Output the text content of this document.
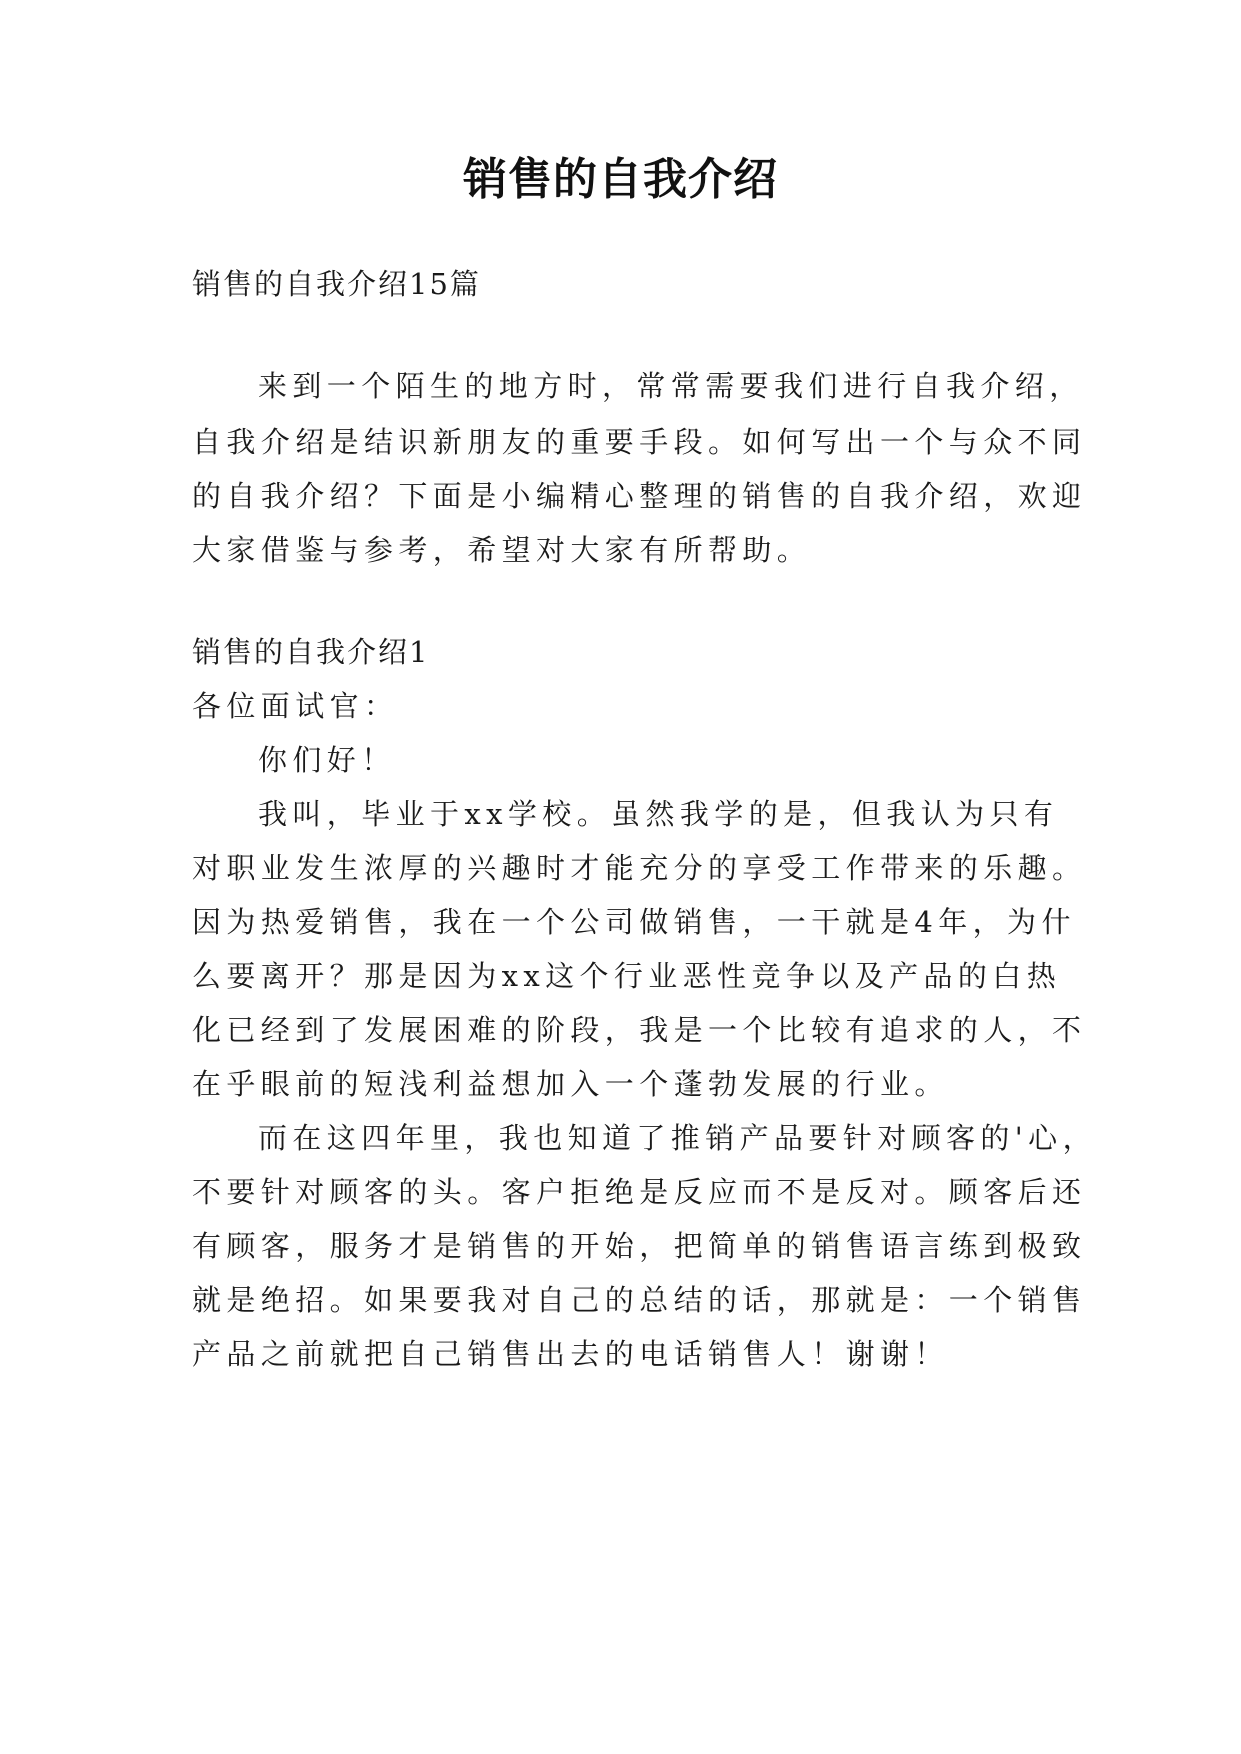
销售的自我介绍
销售的自我介绍15篇
来到一个陌生的地方时，常常需要我们进行自我介绍，
自我介绍是结识新朋友的重要手段。如何写出一个与众不同
的自我介绍？下面是小编精心整理的销售的自我介绍，欢迎
大家借鉴与参考，希望对大家有所帮助。
销售的自我介绍1
各位面试官：
你们好！
我叫，毕业于xx学校。虽然我学的是，但我认为只有
对职业发生浓厚的兴趣时才能充分的享受工作带来的乐趣。
因为热爱销售，我在一个公司做销售，一干就是4年，为什
么要离开？那是因为xx这个行业恶性竞争以及产品的白热
化已经到了发展困难的阶段，我是一个比较有追求的人，不
在乎眼前的短浅利益想加入一个蓬勃发展的行业。
而在这四年里，我也知道了推销产品要针对顾客的'心，
不要针对顾客的头。客户拒绝是反应而不是反对。顾客后还
有顾客，服务才是销售的开始，把简单的销售语言练到极致
就是绝招。如果要我对自己的总结的话，那就是：一个销售
产品之前就把自己销售出去的电话销售人！谢谢！
